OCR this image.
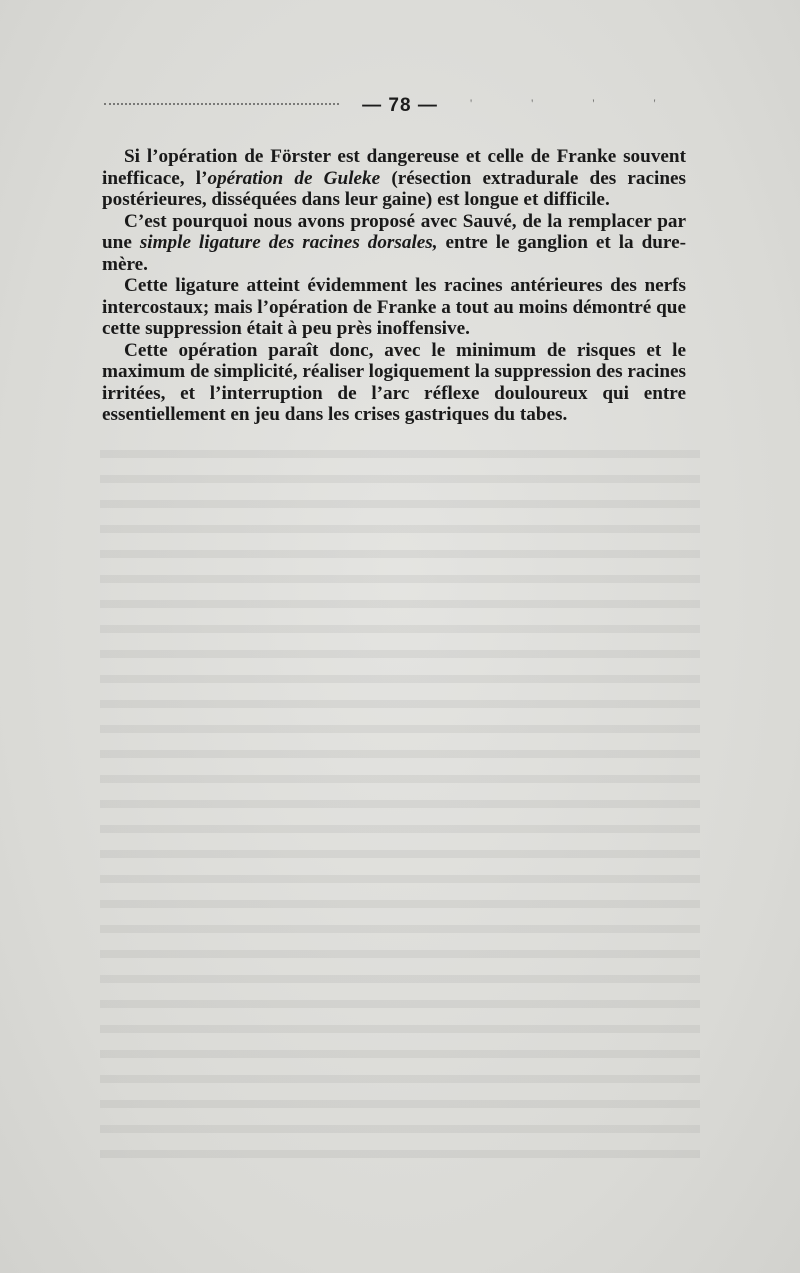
' ' ' '
— 78 —

Si l’opération de Förster est dangereuse et celle de Franke souvent inefficace, l’opération de Guleke (résection extradurale des racines postérieures, disséquées dans leur gaine) est longue et difficile.

C’est pourquoi nous avons proposé avec Sauvé, de la remplacer par une simple ligature des racines dorsales, entre le ganglion et la dure-mère.

Cette ligature atteint évidemment les racines antérieures des nerfs intercostaux; mais l’opération de Franke a tout au moins démontré que cette suppression était à peu près inoffensive.

Cette opération paraît donc, avec le minimum de risques et le maximum de simplicité, réaliser logiquement la suppression des racines irritées, et l’interruption de l’arc réflexe douloureux qui entre essentiellement en jeu dans les crises gastriques du tabes.
